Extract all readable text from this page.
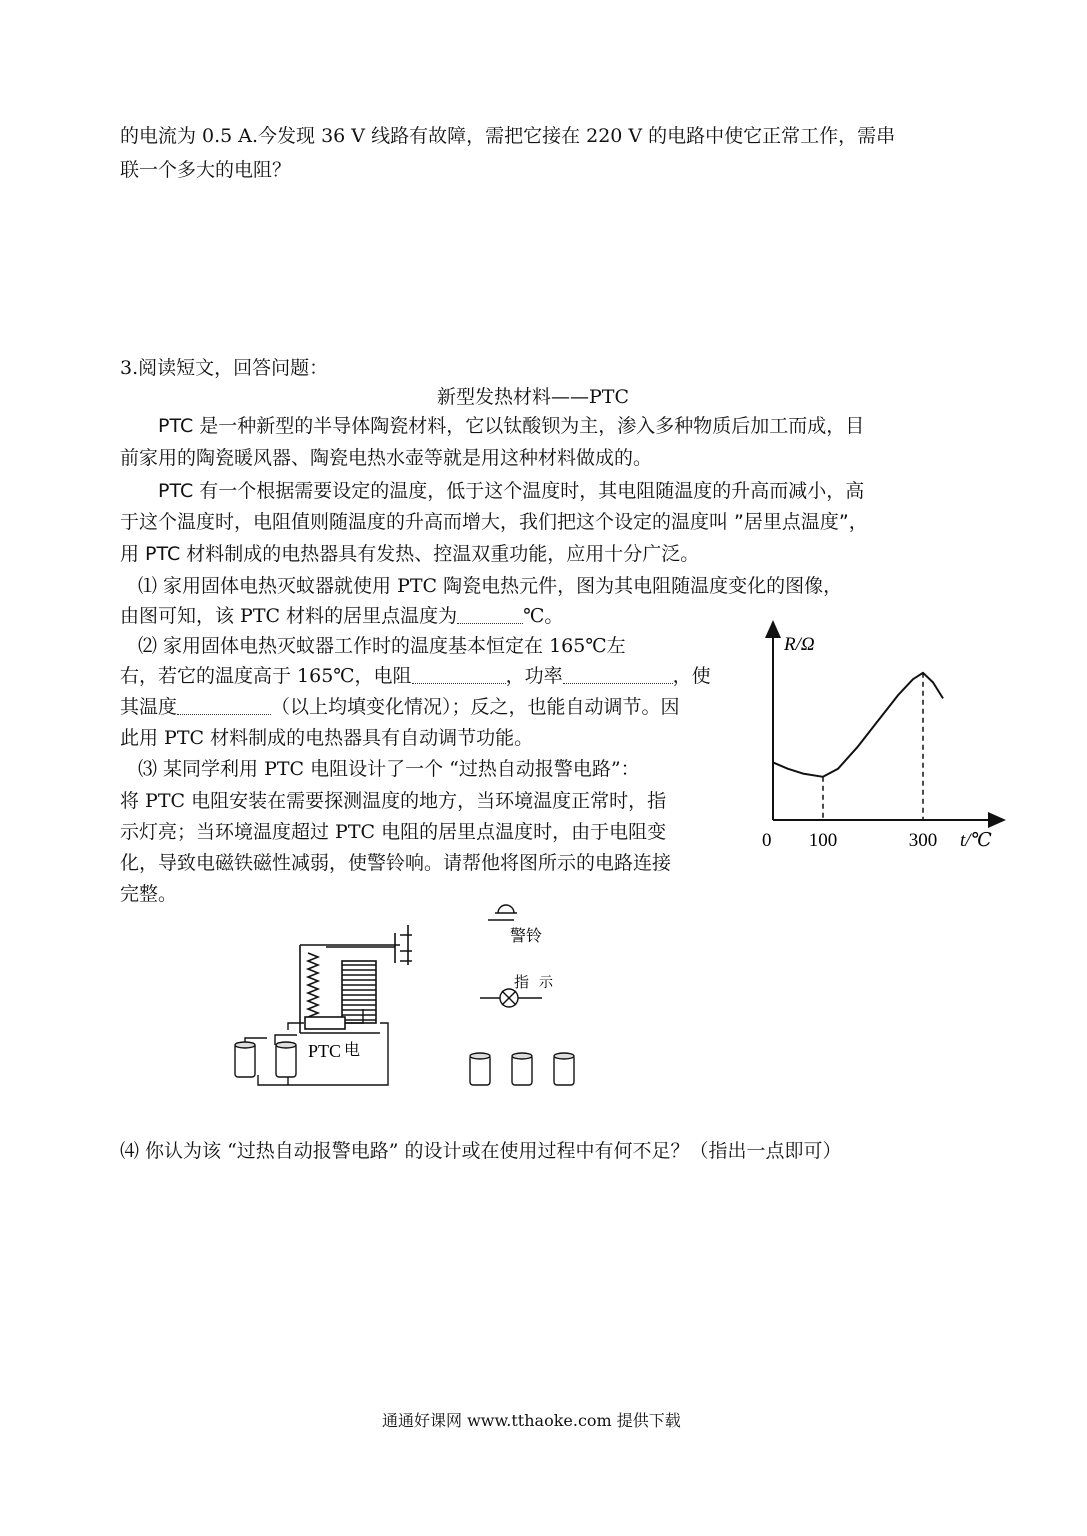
的电流为 0.5 A.今发现 36 V 线路有故障，需把它接在 220 V 的电路中使它正常工作，需串
联一个多大的电阻？
3.阅读短文，回答问题：
新型发热材料——PTC
PTC 是一种新型的半导体陶瓷材料，它以钛酸钡为主，渗入多种物质后加工而成，目
前家用的陶瓷暖风器、陶瓷电热水壶等就是用这种材料做成的。
PTC 有一个根据需要设定的温度，低于这个温度时，其电阻随温度的升高而减小，高
于这个温度时，电阻值则随温度的升高而增大，我们把这个设定的温度叫 ”居里点温度”，
用 PTC 材料制成的电热器具有发热、控温双重功能，应用十分广泛。
⑴ 家用固体电热灭蚊器就使用 PTC 陶瓷电热元件，图为其电阻随温度变化的图像，
由图可知，该 PTC 材料的居里点温度为	℃。
⑵ 家用固体电热灭蚊器工作时的温度基本恒定在 165℃左
右，若它的温度高于 165℃，电阻	，功率	，使
其温度	（以上均填变化情况）；反之，也能自动调节。因
此用 PTC 材料制成的电热器具有自动调节功能。
⑶ 某同学利用 PTC 电阻设计了一个 “过热自动报警电路”：
将 PTC 电阻安装在需要探测温度的地方，当环境温度正常时，指
示灯亮；当环境温度超过 PTC 电阻的居里点温度时，由于电阻变
化，导致电磁铁磁性减弱，使警铃响。请帮他将图所示的电路连接
完整。
R/Ω
t/℃
0 100	300
PTC 电
警铃
指 示
⑷ 你认为该 “过热自动报警电路” 的设计或在使用过程中有何不足？（指出一点即可）
通通好课网 www.tthaoke.com 提供下载
